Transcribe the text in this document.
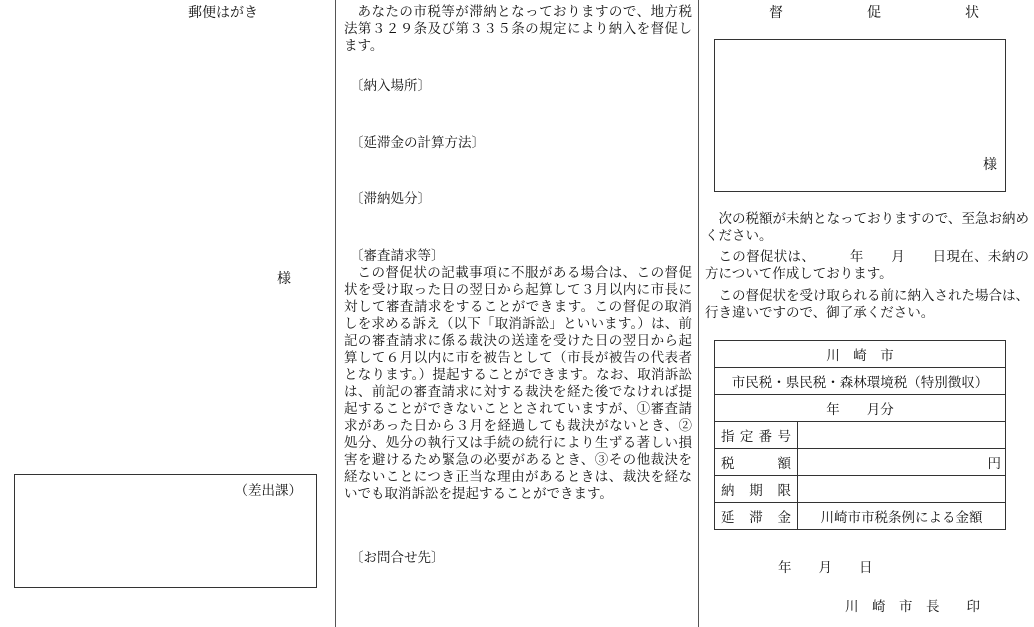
郵便はがき
様
（差出課）

あなたの市税等が滞納となっておりますので、地方税法第３２９条及び第３３５条の規定により納入を督促します。

〔納入場所〕
〔延滞金の計算方法〕
〔滞納処分〕
〔審査請求等〕

この督促状の記載事項に不服がある場合は、この督促状を受け取った日の翌日から起算して３月以内に市長に対して審査請求をすることができます。この督促の取消しを求める訴え（以下「取消訴訟」といいます。）は、前記の審査請求に係る裁決の送達を受けた日の翌日から起算して６月以内に市を被告として（市長が被告の代表者となります。）提起することができます。なお、取消訴訟は、前記の審査請求に対する裁決を経た後でなければ提起することができないこととされていますが、①審査請求があった日から３月を経過しても裁決がないとき、②処分、処分の執行又は手続の続行により生ずる著しい損害を避けるため緊急の必要があるとき、③その他裁決を経ないことにつき正当な理由があるときは、裁決を経ないでも取消訴訟を提起することができます。

〔お問合せ先〕
督	促	状
様

次の税額が未納となっておりますので、至急お納めください。

この督促状は、　　　年　　月　　日現在、未納の方について作成しております。

この督促状を受け取られる前に納入された場合は、行き違いですので、御了承ください。

川　崎　市	
市民税・県民税・森林環境税（特別徴収）	
年　　月分	
指定番号	
税額	円
納期限	
延滞金	川崎市市税条例による金額
年　　月　　日
川　崎　市　長　　印
